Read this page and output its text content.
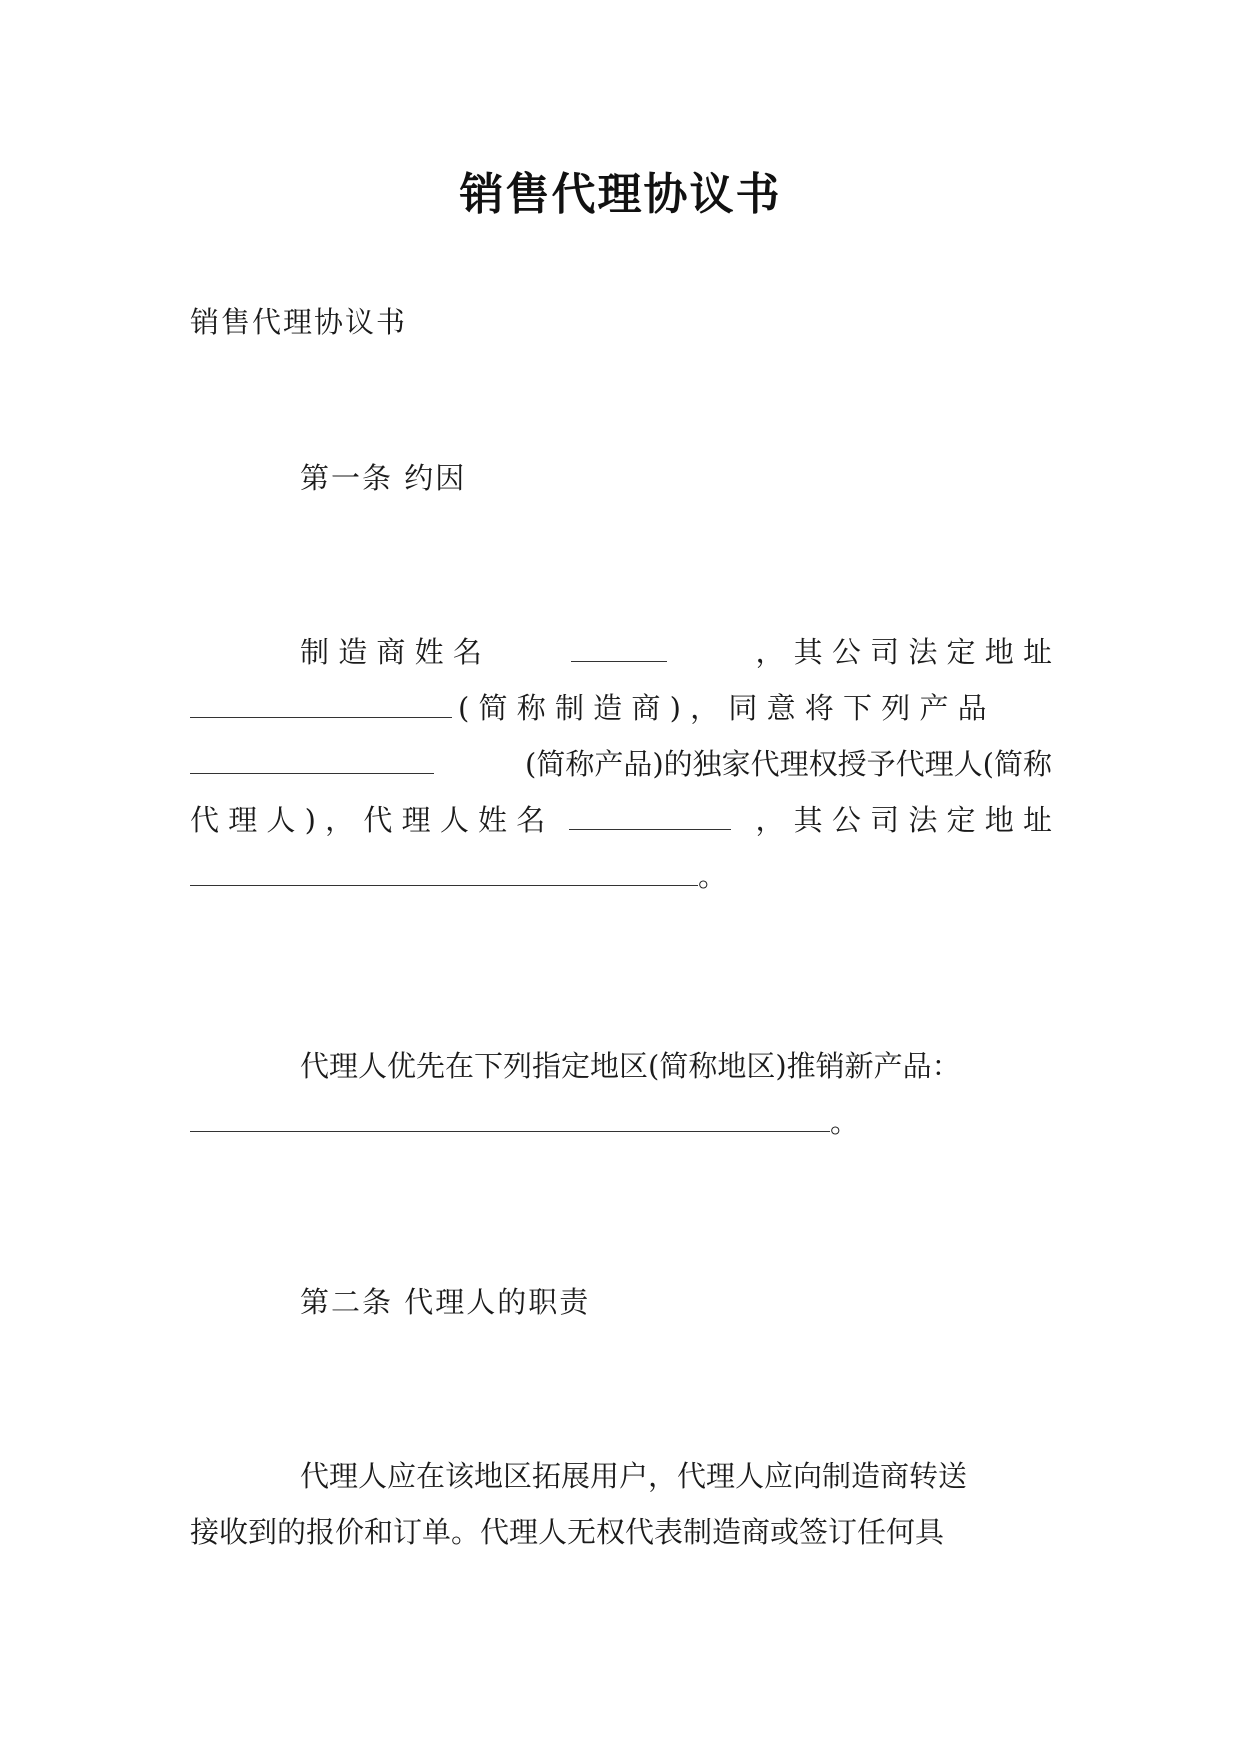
销售代理协议书
销售代理协议书
第一条 约因
制 造 商 姓 名	， 其 公 司 法 定 地 址
( 简 称 制 造 商 ) ， 同 意 将 下 列 产 品
(简称产品)的独家代理权授予代理人(简称
代 理 人 ) ， 代 理 人 姓 名	， 其 公 司 法 定 地 址
。
代理人优先在下列指定地区(简称地区)推销新产品：
。
第二条 代理人的职责
代理人应在该地区拓展用户，代理人应向制造商转送
接收到的报价和订单。代理人无权代表制造商或签订任何具
